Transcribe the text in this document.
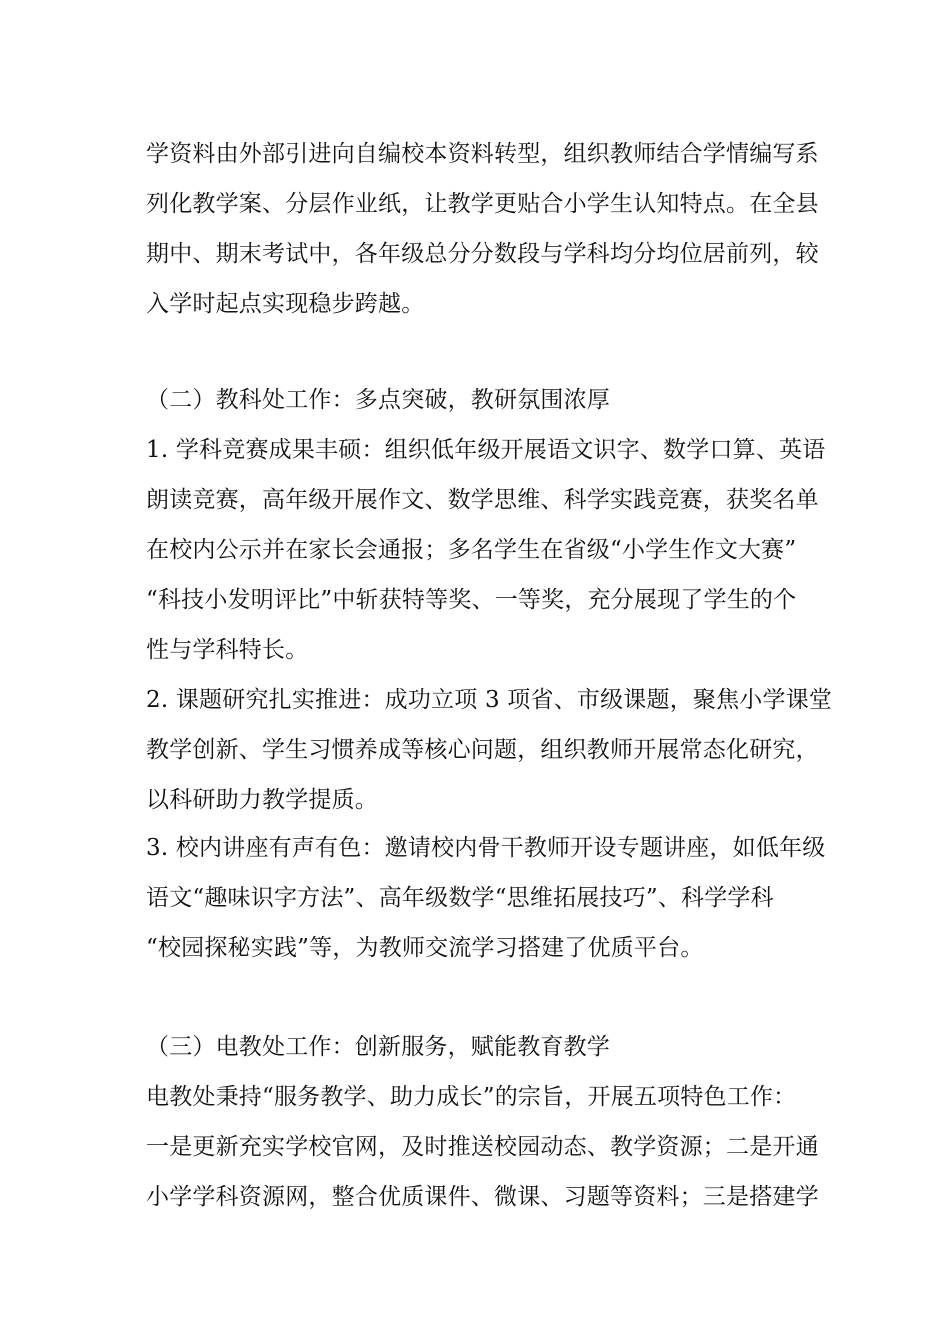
学资料由外部引进向自编校本资料转型，组织教师结合学情编写系
列化教学案、分层作业纸，让教学更贴合小学生认知特点。在全县
期中、期末考试中，各年级总分分数段与学科均分均位居前列，较
入学时起点实现稳步跨越。
（二）教科处工作：多点突破，教研氛围浓厚
1. 学科竞赛成果丰硕：组织低年级开展语文识字、数学口算、英语
朗读竞赛，高年级开展作文、数学思维、科学实践竞赛，获奖名单
在校内公示并在家长会通报；多名学生在省级“小学生作文大赛”
“科技小发明评比”中斩获特等奖、一等奖，充分展现了学生的个
性与学科特长。
2. 课题研究扎实推进：成功立项 3 项省、市级课题，聚焦小学课堂
教学创新、学生习惯养成等核心问题，组织教师开展常态化研究，
以科研助力教学提质。
3. 校内讲座有声有色：邀请校内骨干教师开设专题讲座，如低年级
语文“趣味识字方法”、高年级数学“思维拓展技巧”、科学学科
“校园探秘实践”等，为教师交流学习搭建了优质平台。
（三）电教处工作：创新服务，赋能教育教学
电教处秉持“服务教学、助力成长”的宗旨，开展五项特色工作：
一是更新充实学校官网，及时推送校园动态、教学资源；二是开通
小学学科资源网，整合优质课件、微课、习题等资料；三是搭建学
